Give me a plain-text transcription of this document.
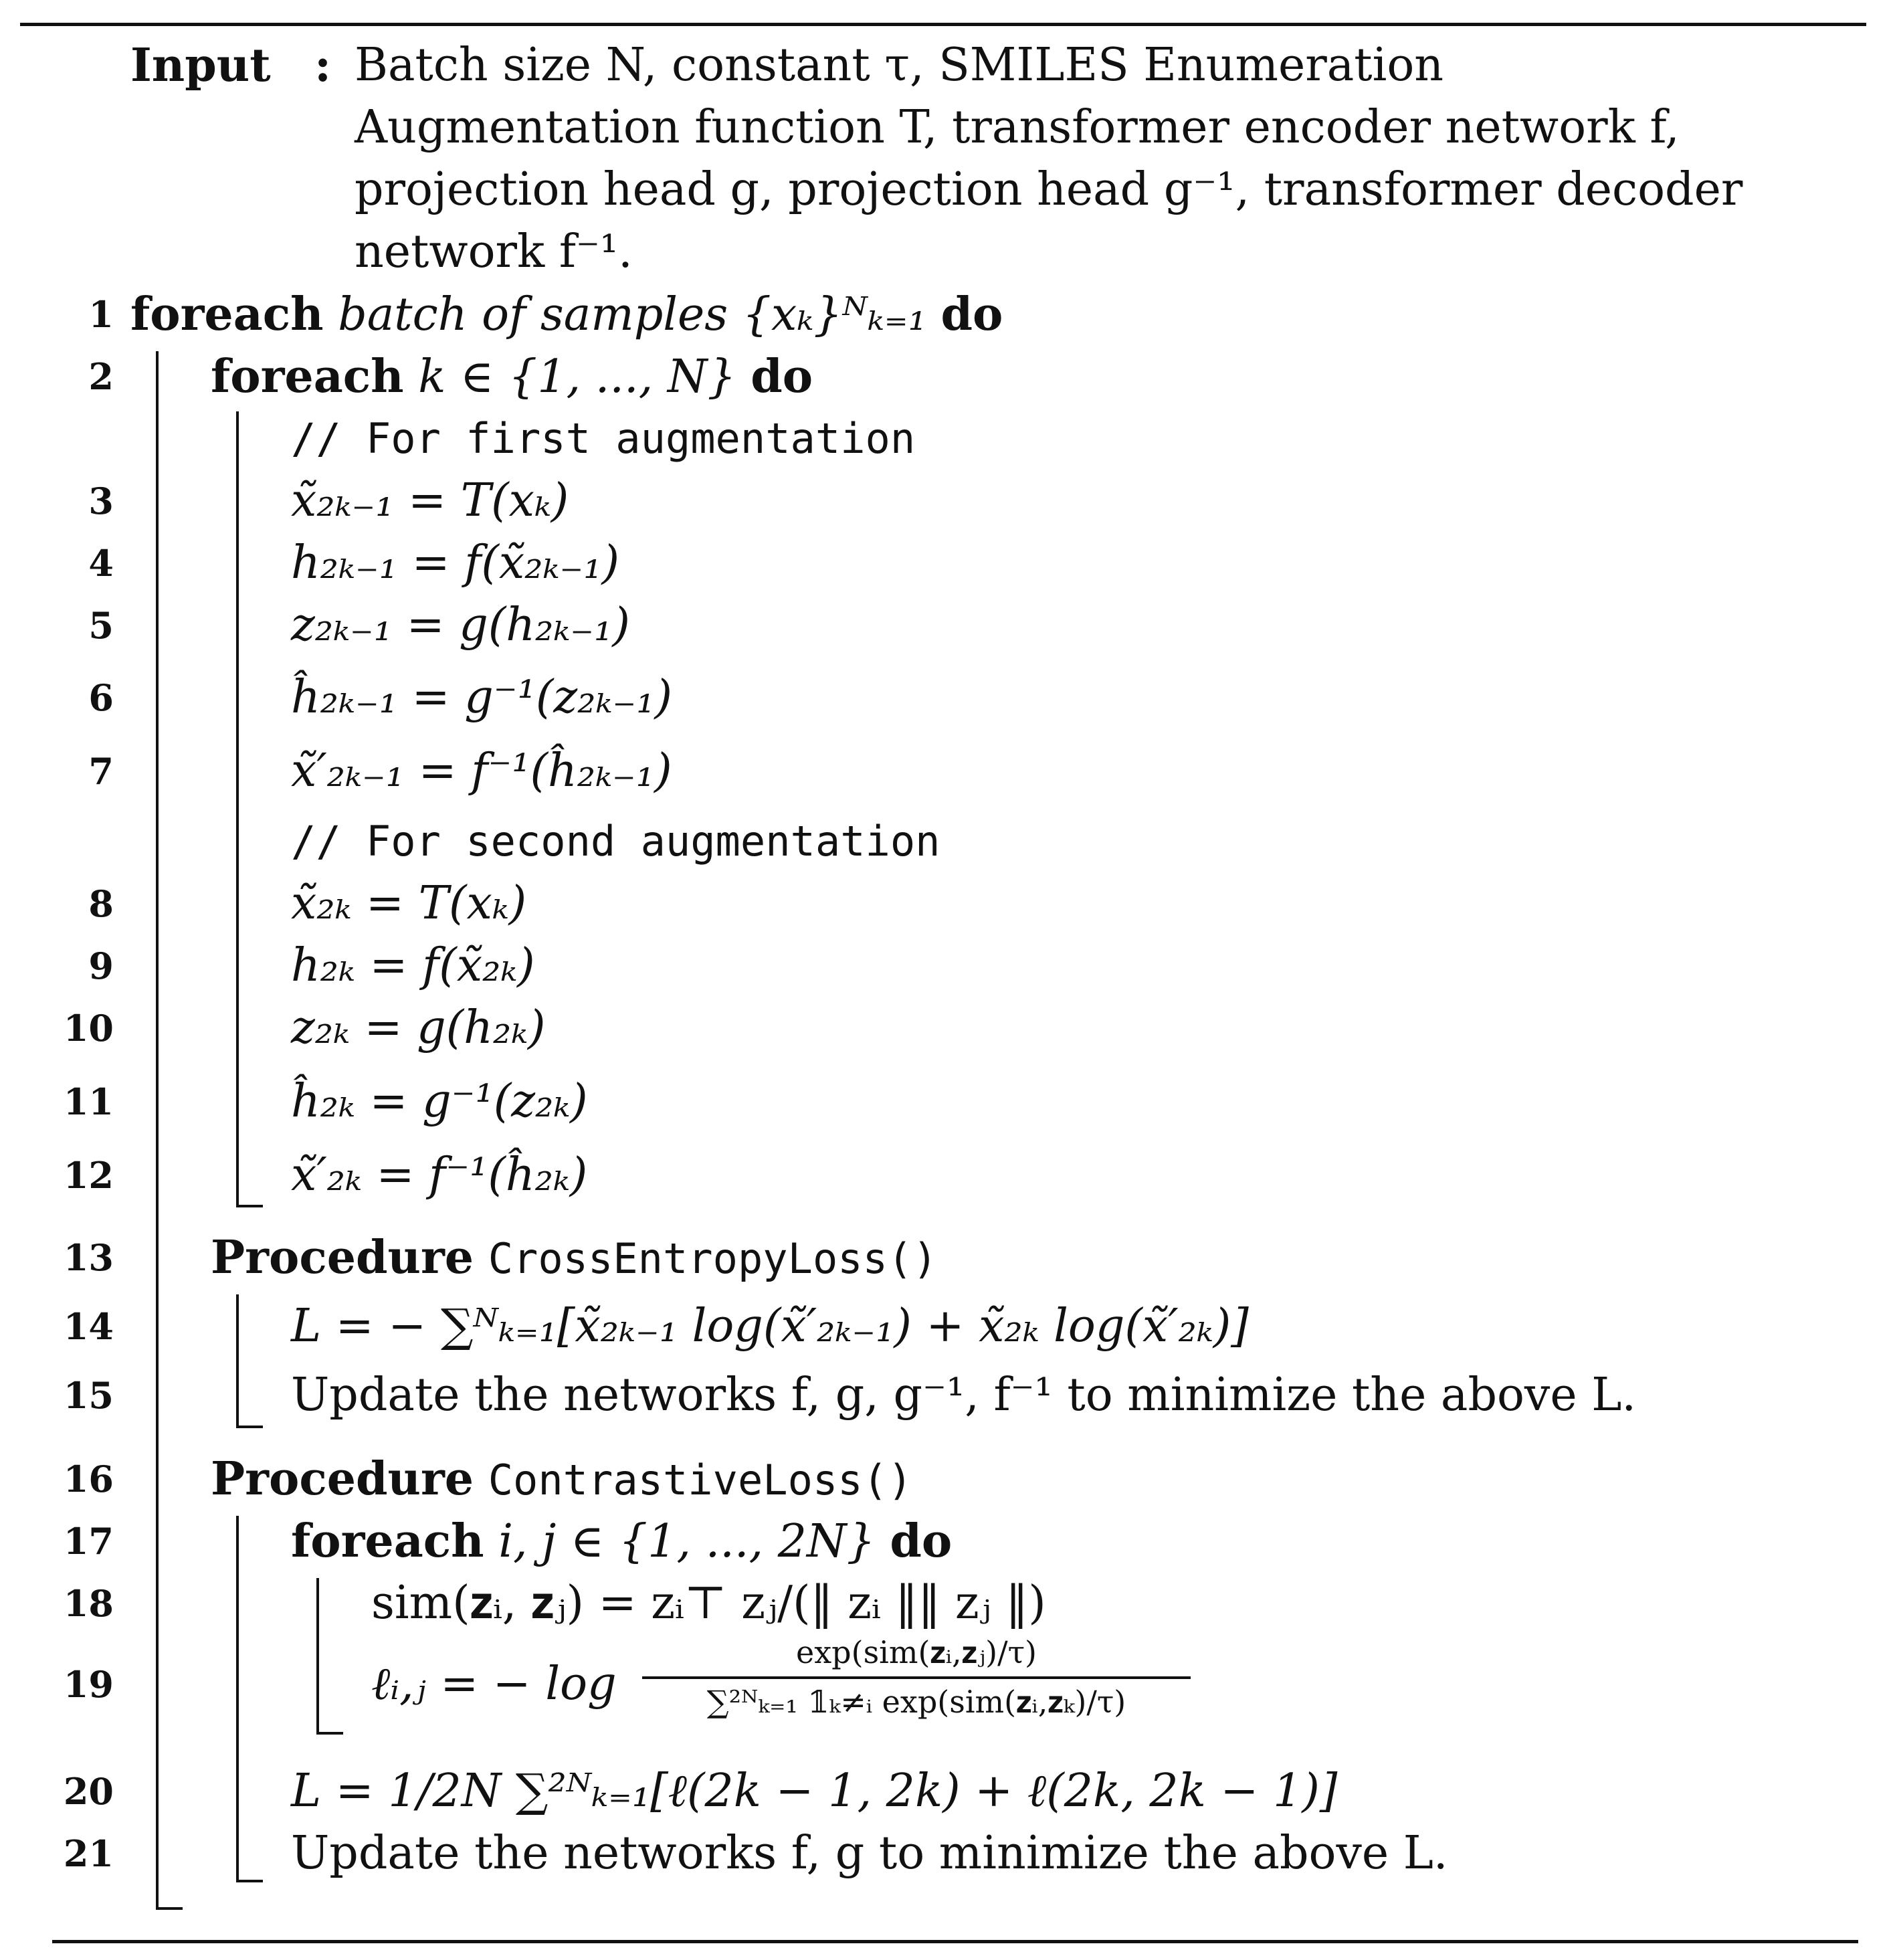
Input : Batch size N, constant τ, SMILES Enumeration
Augmentation function T, transformer encoder network f,
projection head g, projection head g⁻¹, transformer decoder
network f⁻¹.
1 foreach batch of samples {xₖ}ᴺₖ₌₁ do
2 foreach k ∈ {1, ..., N} do
// For first augmentation
3	x̃₂ₖ₋₁ = T(xₖ)
4	h₂ₖ₋₁ = f(x̃₂ₖ₋₁)
5	z₂ₖ₋₁ = g(h₂ₖ₋₁)
6	ĥ₂ₖ₋₁ = g⁻¹(z₂ₖ₋₁)
7	x̃′₂ₖ₋₁ = f⁻¹(ĥ₂ₖ₋₁)
// For second augmentation
8	x̃₂ₖ = T(xₖ)
9	h₂ₖ = f(x̃₂ₖ)
10	z₂ₖ = g(h₂ₖ)
11	ĥ₂ₖ = g⁻¹(z₂ₖ)
12	x̃′₂ₖ = f⁻¹(ĥ₂ₖ)
13 Procedure CrossEntropyLoss()
14	L = − ∑ᴺₖ₌₁[x̃₂ₖ₋₁ log(x̃′₂ₖ₋₁) + x̃₂ₖ log(x̃′₂ₖ)]
15	Update the networks f, g, g⁻¹, f⁻¹ to minimize the above L.
16 Procedure ContrastiveLoss()
17	foreach i, j ∈ {1, ..., 2N} do
18	sim(𝐳ᵢ, 𝐳ⱼ) = zᵢ⊤ zⱼ/(‖ zᵢ ‖‖ zⱼ ‖)
19	ℓᵢ,ⱼ = − log
exp(sim(𝐳ᵢ,𝐳ⱼ)/τ)
∑²ᴺₖ₌₁ 𝟙ₖ≠ᵢ exp(sim(𝐳ᵢ,𝐳ₖ)/τ)
20	L = 1/2N ∑²ᴺₖ₌₁[ℓ(2k − 1, 2k) + ℓ(2k, 2k − 1)]
21	Update the networks f, g to minimize the above L.
